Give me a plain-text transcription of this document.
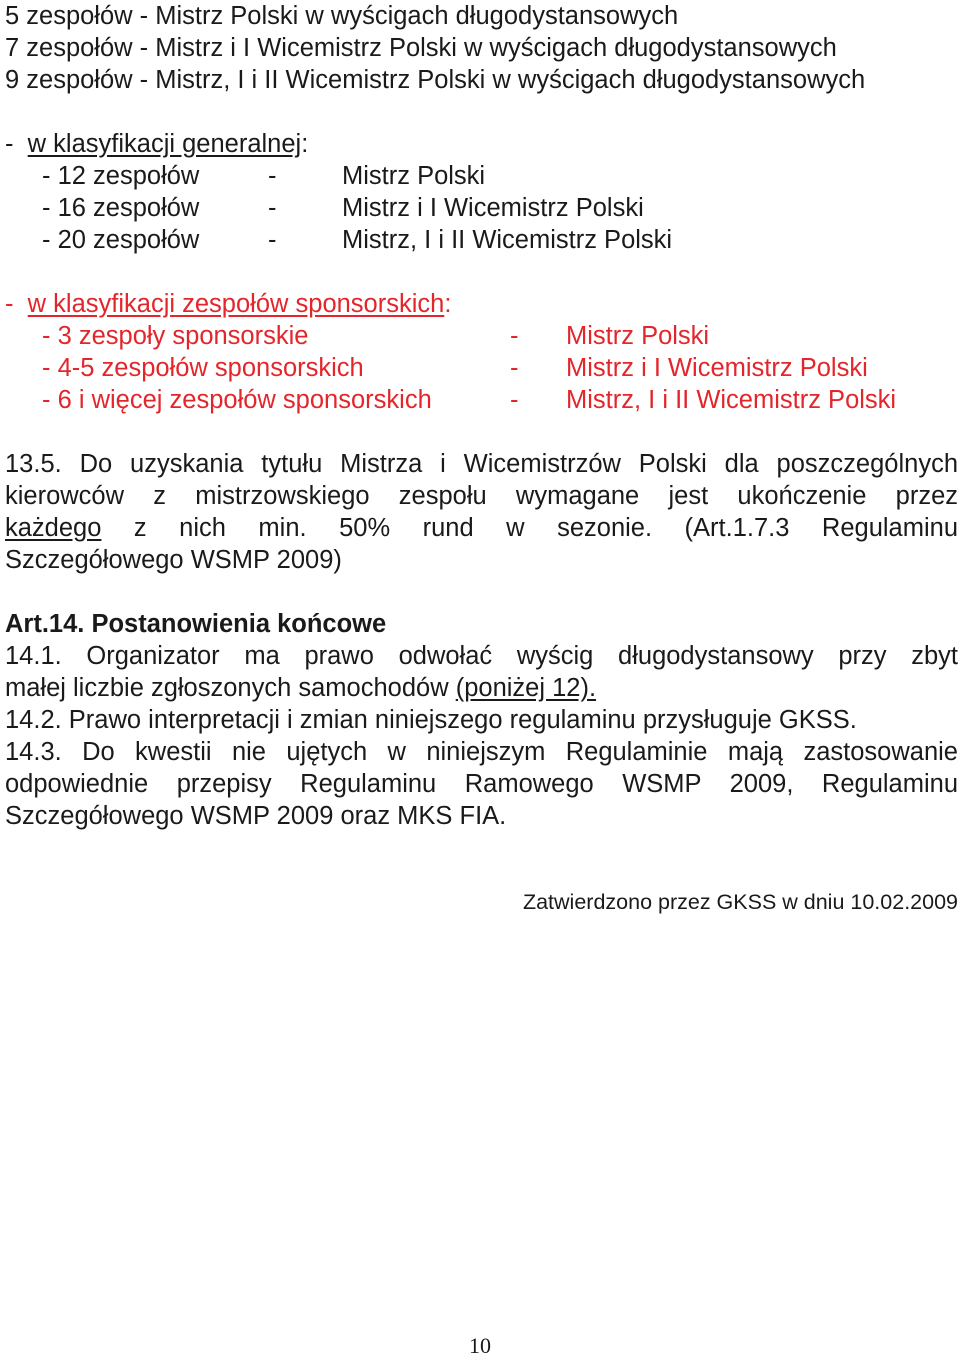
5 zespołów - Mistrz Polski w wyścigach długodystansowych
7 zespołów - Mistrz i I Wicemistrz Polski w wyścigach długodystansowych
9 zespołów - Mistrz, I i II Wicemistrz Polski w wyścigach długodystansowych
- w klasyfikacji generalnej:
- 12 zespołów	-	Mistrz Polski
- 16 zespołów	-	Mistrz i I Wicemistrz Polski
- 20 zespołów	-	Mistrz, I i II Wicemistrz Polski
- w klasyfikacji zespołów sponsorskich:
- 3 zespoły sponsorskie	- Mistrz Polski
- 4-5 zespołów sponsorskich	- Mistrz i I Wicemistrz Polski
- 6 i więcej zespołów sponsorskich	- Mistrz, I i II Wicemistrz Polski
13.5. Do uzyskania tytułu Mistrza i Wicemistrzów Polski dla poszczególnych
kierowców z mistrzowskiego zespołu wymagane jest ukończenie przez
każdego z nich min. 50% rund w sezonie. (Art.1.7.3 Regulaminu
Szczegółowego WSMP 2009)
Art.14. Postanowienia końcowe
14.1. Organizator ma prawo odwołać wyścig długodystansowy przy zbyt
małej liczbie zgłoszonych samochodów (poniżej 12).
14.2. Prawo interpretacji i zmian niniejszego regulaminu przysługuje GKSS.
14.3. Do kwestii nie ujętych w niniejszym Regulaminie mają zastosowanie
odpowiednie przepisy Regulaminu Ramowego WSMP 2009, Regulaminu
Szczegółowego WSMP 2009 oraz MKS FIA.
Zatwierdzono przez GKSS w dniu 10.02.2009
10
